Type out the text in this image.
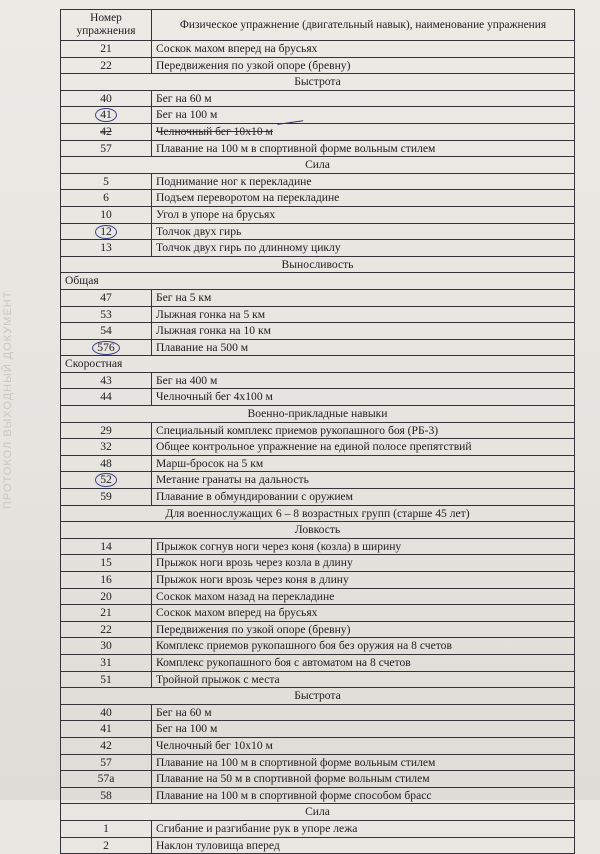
ПРОТОКОЛ ВЫХОДНЫЙ ДОКУМЕНТ
Номер упражнения	Физическое упражнение (двигательный навык), наименование упражнения
21	Соскок махом вперед на брусьях
22	Передвижения по узкой опоре (бревну)
Быстрота	
40	Бег на 60 м
41	Бег на 100 м
42	Челночный бег 10х10 м
57	Плавание на 100 м в спортивной форме вольным стилем
Сила	
5	Поднимание ног к перекладине
6	Подъем переворотом на перекладине
10	Угол в упоре на брусьях
12	Толчок двух гирь
13	Толчок двух гирь по длинному циклу
Выносливость	
Общая	
47	Бег на 5 км
53	Лыжная гонка на 5 км
54	Лыжная гонка на 10 км
576	Плавание на 500 м
Скоростная	
43	Бег на 400 м
44	Челночный бег 4х100 м
Военно-прикладные навыки	
29	Специальный комплекс приемов рукопашного боя (РБ-3)
32	Общее контрольное упражнение на единой полосе препятствий
48	Марш-бросок на 5 км
52	Метание гранаты на дальность
59	Плавание в обмундировании с оружием
Для военнослужащих 6 – 8 возрастных групп (старше 45 лет)	
Ловкость	
14	Прыжок согнув ноги через коня (козла) в ширину
15	Прыжок ноги врозь через козла в длину
16	Прыжок ноги врозь через коня в длину
20	Соскок махом назад на перекладине
21	Соскок махом вперед на брусьях
22	Передвижения по узкой опоре (бревну)
30	Комплекс приемов рукопашного боя без оружия на 8 счетов
31	Комплекс рукопашного боя с автоматом на 8 счетов
51	Тройной прыжок с места
Быстрота	
40	Бег на 60 м
41	Бег на 100 м
42	Челночный бег 10х10 м
57	Плавание на 100 м в спортивной форме вольным стилем
57а	Плавание на 50 м в спортивной форме вольным стилем
58	Плавание на 100 м в спортивной форме способом брасс
Сила	
1	Сгибание и разгибание рук в упоре лежа
2	Наклон туловища вперед
